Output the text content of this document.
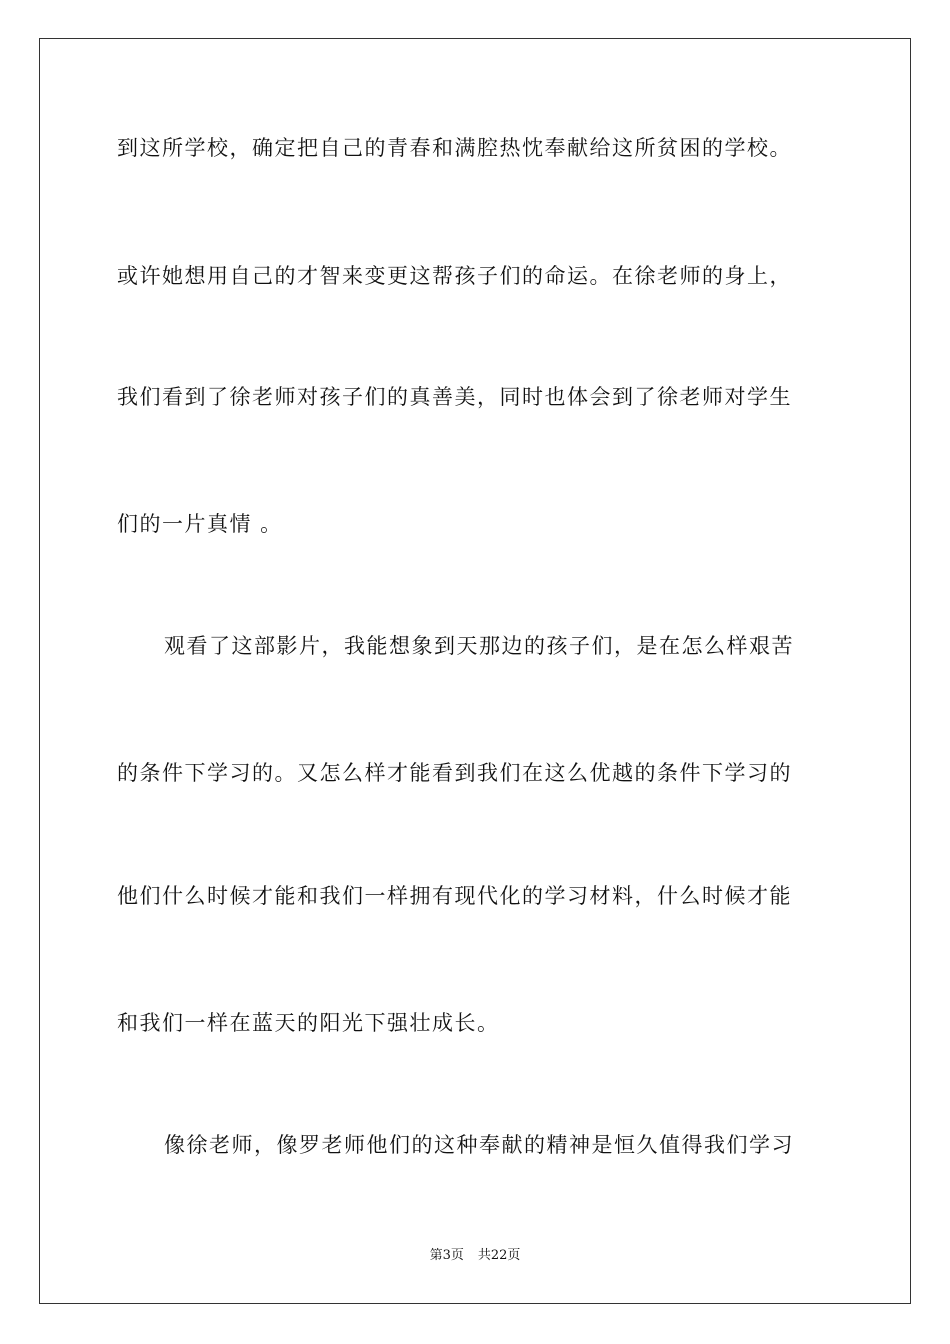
到这所学校，确定把自己的青春和满腔热忱奉献给这所贫困的学校。
或许她想用自己的才智来变更这帮孩子们的命运。在徐老师的身上，
我们看到了徐老师对孩子们的真善美，同时也体会到了徐老师对学生
们的一片真情 。
观看了这部影片，我能想象到天那边的孩子们，是在怎么样艰苦
的条件下学习的。又怎么样才能看到我们在这么优越的条件下学习的
他们什么时候才能和我们一样拥有现代化的学习材料，什么时候才能
和我们一样在蓝天的阳光下强壮成长。
像徐老师，像罗老师他们的这种奉献的精神是恒久值得我们学习
第3页 共22页
